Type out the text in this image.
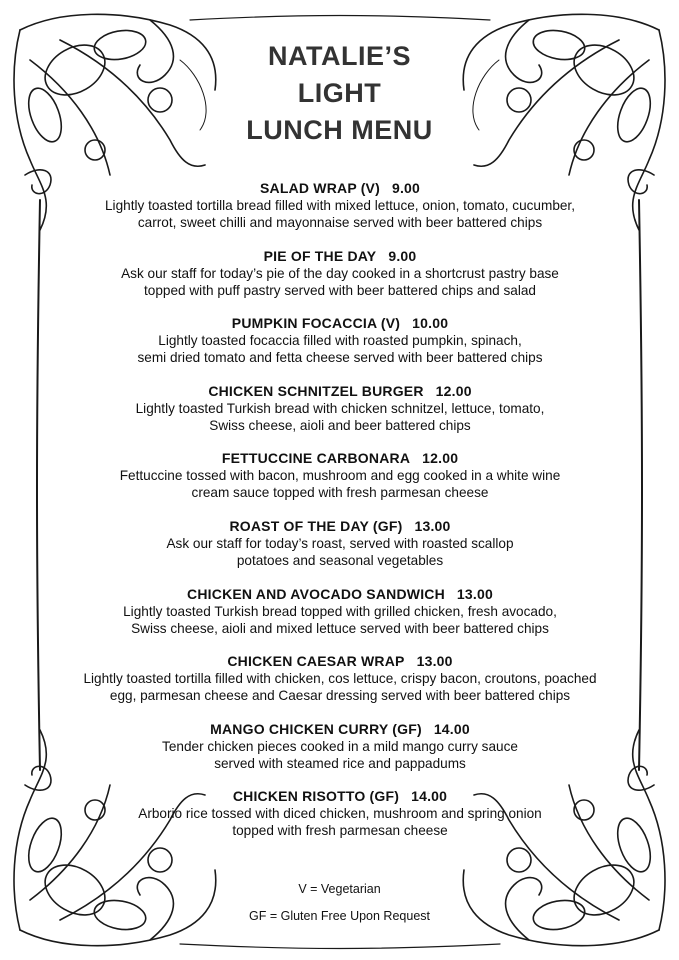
NATALIE’S
LIGHT
LUNCH MENU
SALAD WRAP (V) 9.00
Lightly toasted tortilla bread filled with mixed lettuce, onion, tomato, cucumber,
carrot, sweet chilli and mayonnaise served with beer battered chips
PIE OF THE DAY 9.00
Ask our staff for today’s pie of the day cooked in a shortcrust pastry base
topped with puff pastry served with beer battered chips and salad
PUMPKIN FOCACCIA (V) 10.00
Lightly toasted focaccia filled with roasted pumpkin, spinach,
semi dried tomato and fetta cheese served with beer battered chips
CHICKEN SCHNITZEL BURGER 12.00
Lightly toasted Turkish bread with chicken schnitzel, lettuce, tomato,
Swiss cheese, aioli and beer battered chips
FETTUCCINE CARBONARA 12.00
Fettuccine tossed with bacon, mushroom and egg cooked in a white wine
cream sauce topped with fresh parmesan cheese
ROAST OF THE DAY (GF) 13.00
Ask our staff for today’s roast, served with roasted scallop
potatoes and seasonal vegetables
CHICKEN AND AVOCADO SANDWICH 13.00
Lightly toasted Turkish bread topped with grilled chicken, fresh avocado,
Swiss cheese, aioli and mixed lettuce served with beer battered chips
CHICKEN CAESAR WRAP 13.00
Lightly toasted tortilla filled with chicken, cos lettuce, crispy bacon, croutons, poached
egg, parmesan cheese and Caesar dressing served with beer battered chips
MANGO CHICKEN CURRY (GF) 14.00
Tender chicken pieces cooked in a mild mango curry sauce
served with steamed rice and pappadums
CHICKEN RISOTTO (GF) 14.00
Arborio rice tossed with diced chicken, mushroom and spring onion
topped with fresh parmesan cheese
V = Vegetarian
GF = Gluten Free Upon Request
